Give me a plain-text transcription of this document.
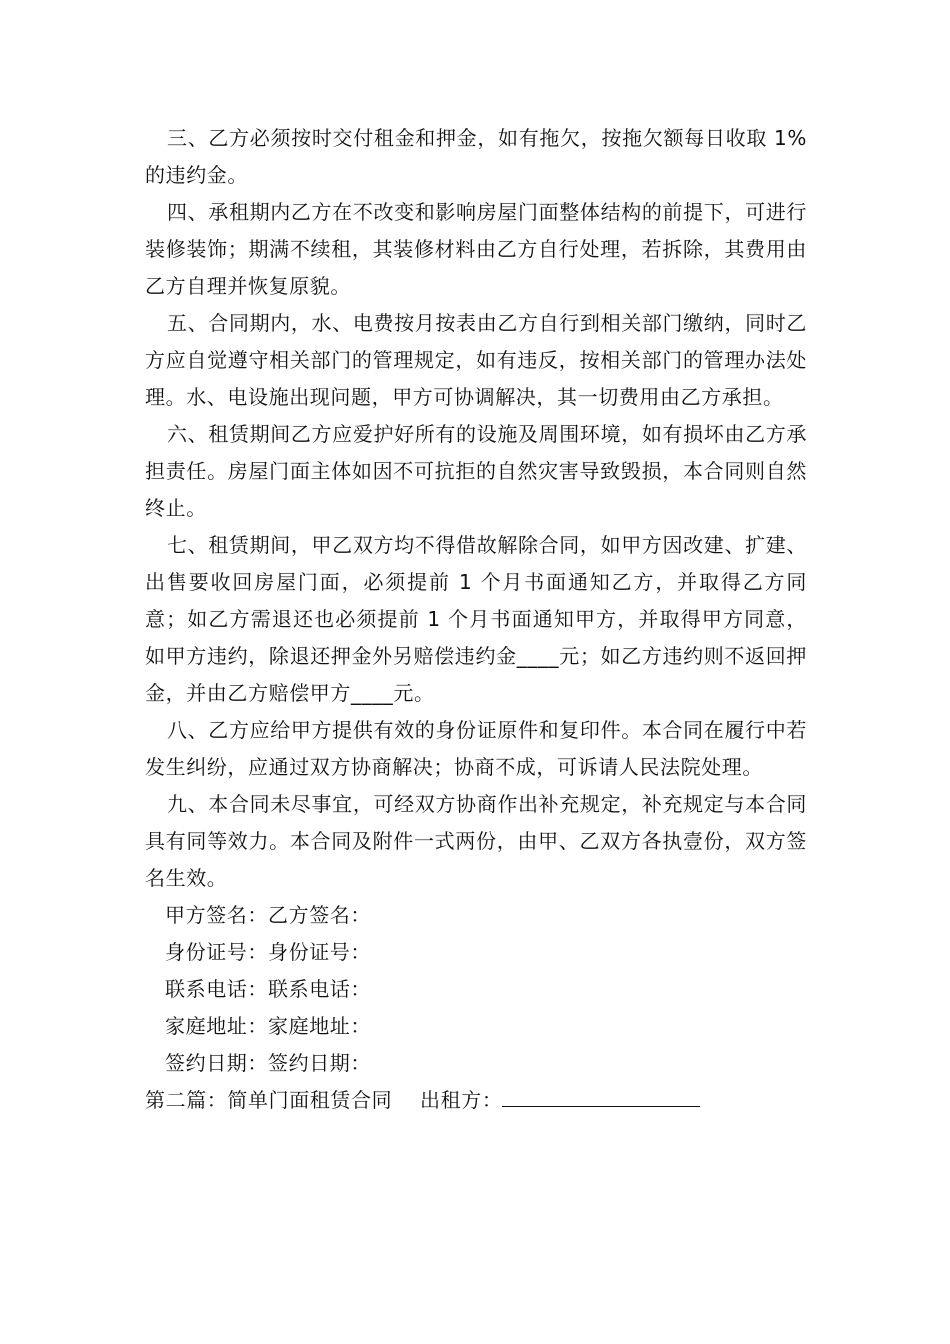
三、乙方必须按时交付租金和押金，如有拖欠，按拖欠额每日收取 1%的违约金。

四、承租期内乙方在不改变和影响房屋门面整体结构的前提下，可进行装修装饰；期满不续租，其装修材料由乙方自行处理，若拆除，其费用由乙方自理并恢复原貌。

五、合同期内，水、电费按月按表由乙方自行到相关部门缴纳，同时乙方应自觉遵守相关部门的管理规定，如有违反，按相关部门的管理办法处理。水、电设施出现问题，甲方可协调解决，其一切费用由乙方承担。

六、租赁期间乙方应爱护好所有的设施及周围环境，如有损坏由乙方承担责任。房屋门面主体如因不可抗拒的自然灾害导致毁损，本合同则自然终止。

七、租赁期间，甲乙双方均不得借故解除合同，如甲方因改建、扩建、出售要收回房屋门面，必须提前 1 个月书面通知乙方，并取得乙方同意；如乙方需退还也必须提前 1 个月书面通知甲方，并取得甲方同意，如甲方违约，除退还押金外另赔偿违约金____元；如乙方违约则不返回押金，并由乙方赔偿甲方____元。

八、乙方应给甲方提供有效的身份证原件和复印件。本合同在履行中若发生纠纷，应通过双方协商解决；协商不成，可诉请人民法院处理。

九、本合同未尽事宜，可经双方协商作出补充规定，补充规定与本合同具有同等效力。本合同及附件一式两份，由甲、乙双方各执壹份，双方签名生效。

甲方签名：乙方签名：
身份证号：身份证号：
联系电话：联系电话：
家庭地址：家庭地址：
签约日期：签约日期：
第二篇：简单门面租赁合同 出租方：
